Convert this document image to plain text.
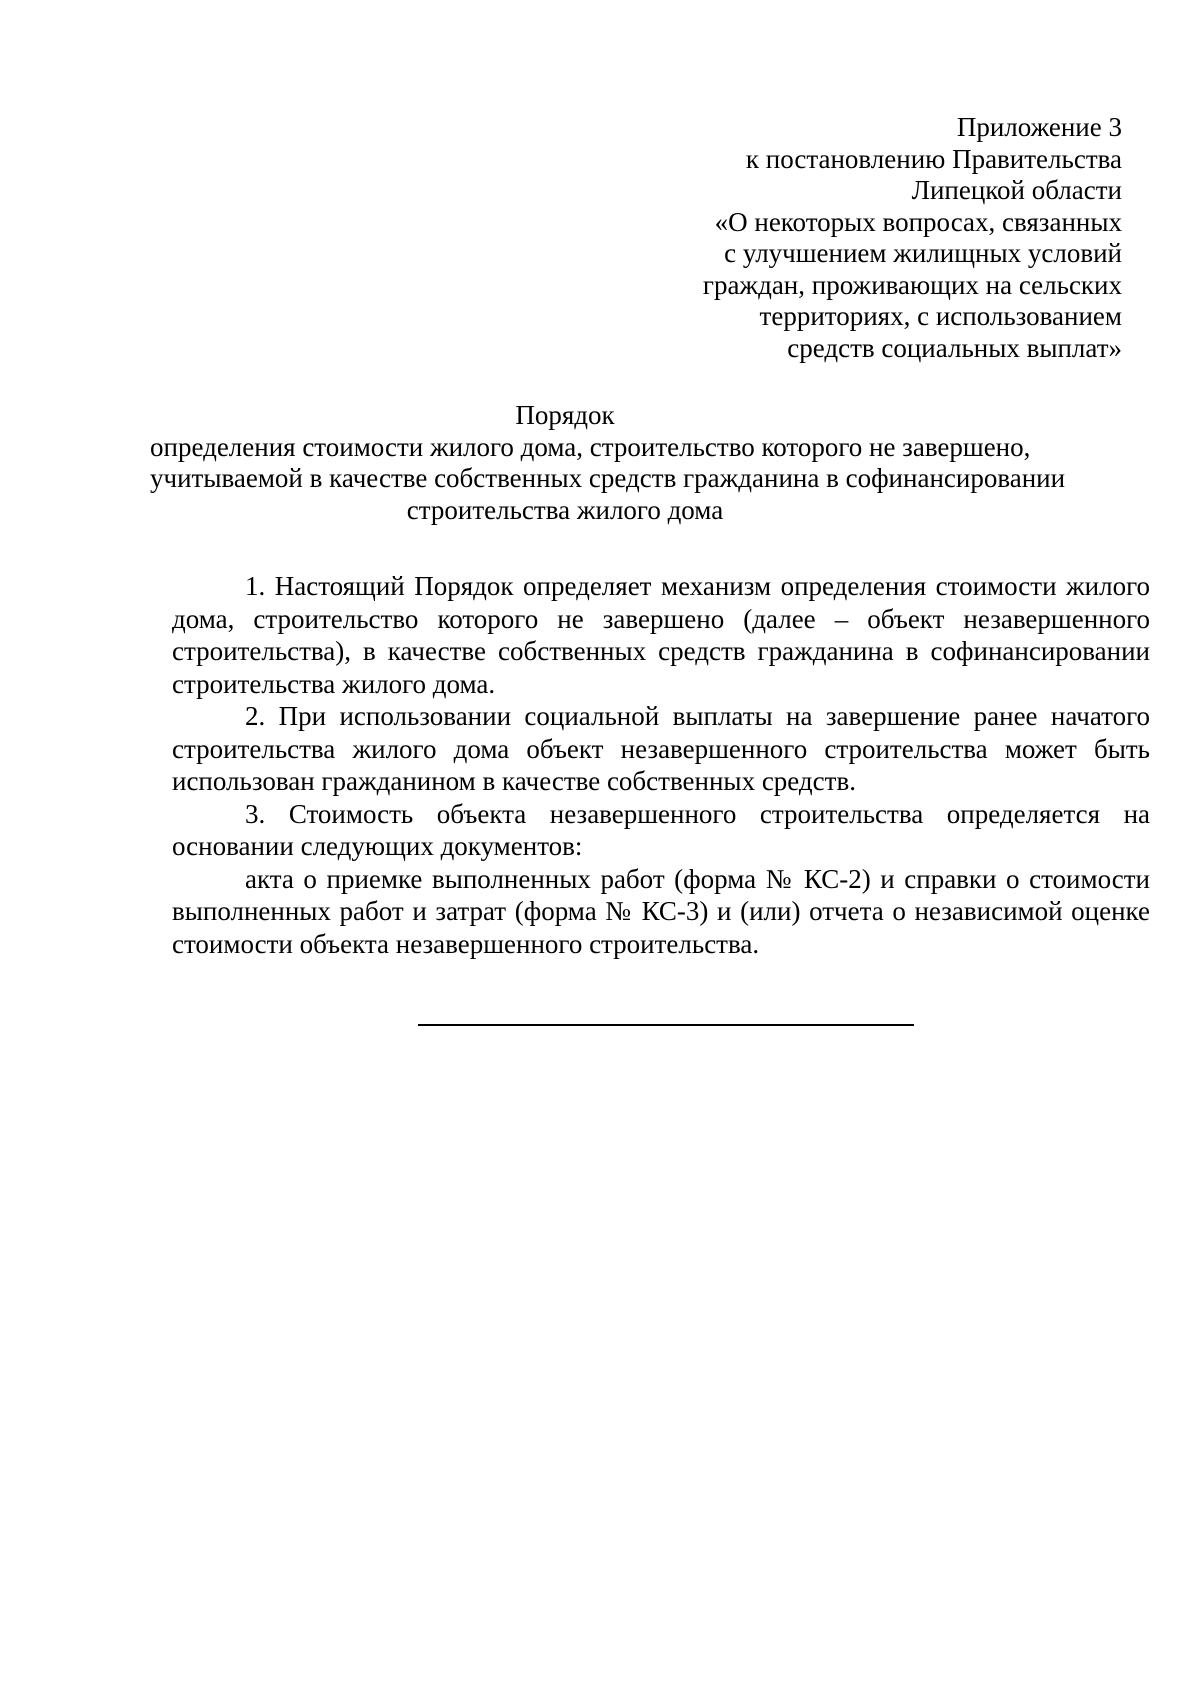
Приложение 3
к постановлению Правительства
Липецкой области
«О некоторых вопросах, связанных
с улучшением жилищных условий
граждан, проживающих на сельских
территориях, с использованием
средств социальных выплат»
Порядок
определения стоимости жилого дома, строительство которого не завершено,
учитываемой в качестве собственных средств гражданина в софинансировании
строительства жилого дома

1. Настоящий Порядок определяет механизм определения стоимости жилого дома, строительство которого не завершено (далее – объект незавершенного строительства), в качестве собственных средств гражданина в софинансировании строительства жилого дома.

2. При использовании социальной выплаты на завершение ранее начатого строительства жилого дома объект незавершенного строительства может быть использован гражданином в качестве собственных средств.

3. Стоимость объекта незавершенного строительства определяется на основании следующих документов:

акта о приемке выполненных работ (форма № КС-2) и справки о стоимости выполненных работ и затрат (форма № КС-3) и (или) отчета о независимой оценке стоимости объекта незавершенного строительства.
